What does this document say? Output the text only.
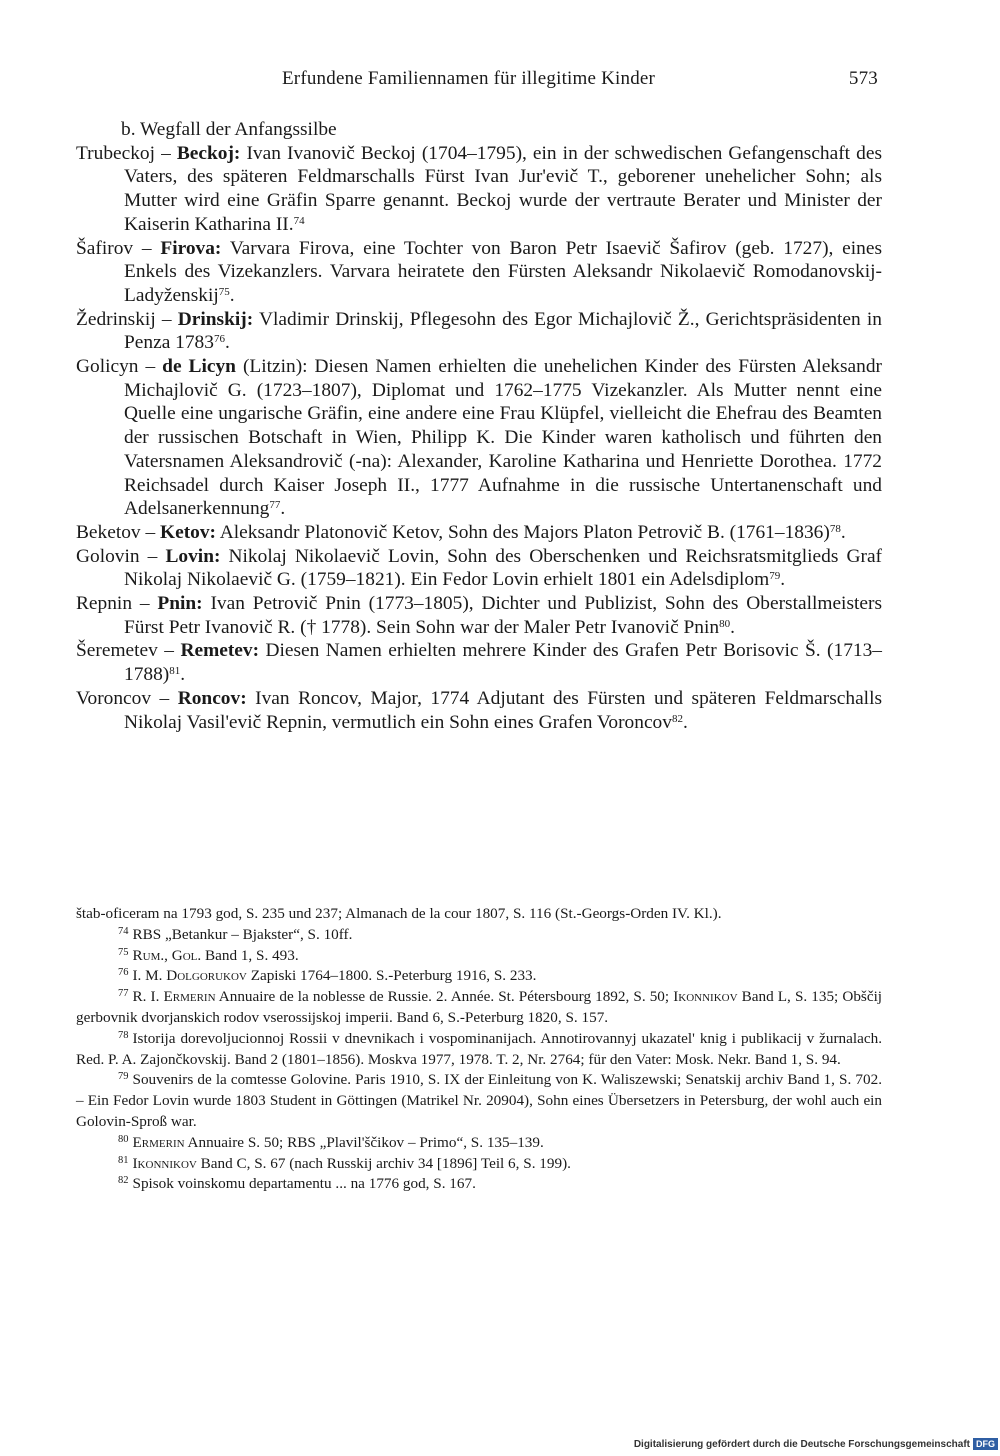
Erfundene Familiennamen für illegitime Kinder	573
b. Wegfall der Anfangssilbe

Trubeckoj – Beckoj: Ivan Ivanovič Beckoj (1704–1795), ein in der schwedischen Gefangenschaft des Vaters, des späteren Feldmarschalls Fürst Ivan Jur'evič T., geborener unehelicher Sohn; als Mutter wird eine Gräfin Sparre genannt. Beckoj wurde der vertraute Berater und Minister der Kaiserin Katharina II.$^{74}$

Šafirov – Firova: Varvara Firova, eine Tochter von Baron Petr Isaevič Šafirov (geb. 1727), eines Enkels des Vizekanzlers. Varvara heiratete den Fürsten Aleksandr Nikolaevič Romodanovskij-Ladyženskij$^{75}$.

Žedrinskij – Drinskij: Vladimir Drinskij, Pflegesohn des Egor Michajlovič Ž., Gerichtspräsidenten in Penza 1783$^{76}$.

Golicyn – de Licyn (Litzin): Diesen Namen erhielten die unehelichen Kinder des Fürsten Aleksandr Michajlovič G. (1723–1807), Diplomat und 1762–1775 Vizekanzler. Als Mutter nennt eine Quelle eine ungarische Gräfin, eine andere eine Frau Klüpfel, vielleicht die Ehefrau des Beamten der russischen Botschaft in Wien, Philipp K. Die Kinder waren katholisch und führten den Vatersnamen Aleksandrovič (-na): Alexander, Karoline Katharina und Henriette Dorothea. 1772 Reichsadel durch Kaiser Joseph II., 1777 Aufnahme in die russische Untertanenschaft und Adelsanerkennung$^{77}$.

Beketov – Ketov: Aleksandr Platonovič Ketov, Sohn des Majors Platon Petrovič B. (1761–1836)$^{78}$.

Golovin – Lovin: Nikolaj Nikolaevič Lovin, Sohn des Oberschenken und Reichsratsmitglieds Graf Nikolaj Nikolaevič G. (1759–1821). Ein Fedor Lovin erhielt 1801 ein Adelsdiplom$^{79}$.

Repnin – Pnin: Ivan Petrovič Pnin (1773–1805), Dichter und Publizist, Sohn des Oberstallmeisters Fürst Petr Ivanovič R. († 1778). Sein Sohn war der Maler Petr Ivanovič Pnin$^{80}$.

Šeremetev – Remetev: Diesen Namen erhielten mehrere Kinder des Grafen Petr Borisovic Š. (1713–1788)$^{81}$.

Voroncov – Roncov: Ivan Roncov, Major, 1774 Adjutant des Fürsten und späteren Feldmarschalls Nikolaj Vasil'evič Repnin, vermutlich ein Sohn eines Grafen Voroncov$^{82}$.

štab-oficeram na 1793 god, S. 235 und 237; Almanach de la cour 1807, S. 116 (St.-Georgs-Orden IV. Kl.).

$^{74}$ RBS „Betankur – Bjakster“, S. 10ff.

$^{75}$ Rum., Gol. Band 1, S. 493.

$^{76}$ I. M. Dolgorukov Zapiski 1764–1800. S.-Peterburg 1916, S. 233.

$^{77}$ R. I. Ermerin Annuaire de la noblesse de Russie. 2. Année. St. Pétersbourg 1892, S. 50; Ikonnikov Band L, S. 135; Obščij gerbovnik dvorjanskich rodov vserossijskoj imperii. Band 6, S.-Peterburg 1820, S. 157.

$^{78}$ Istorija dorevoljucionnoj Rossii v dnevnikach i vospominanijach. Annotirovannyj ukazatel' knig i publikacij v žurnalach. Red. P. A. Zajončkovskij. Band 2 (1801–1856). Moskva 1977, 1978. T. 2, Nr. 2764; für den Vater: Mosk. Nekr. Band 1, S. 94.

$^{79}$ Souvenirs de la comtesse Golovine. Paris 1910, S. IX der Einleitung von K. Waliszewski; Senatskij archiv Band 1, S. 702. – Ein Fedor Lovin wurde 1803 Student in Göttingen (Matrikel Nr. 20904), Sohn eines Übersetzers in Petersburg, der wohl auch ein Golovin-Sproß war.

$^{80}$ Ermerin Annuaire S. 50; RBS „Plavil'ščikov – Primo“, S. 135–139.

$^{81}$ Ikonnikov Band C, S. 67 (nach Russkij archiv 34 [1896] Teil 6, S. 199).

$^{82}$ Spisok voinskomu departamentu ... na 1776 god, S. 167.

Digitalisierung gefördert durch die Deutsche Forschungsgemeinschaft DFG
